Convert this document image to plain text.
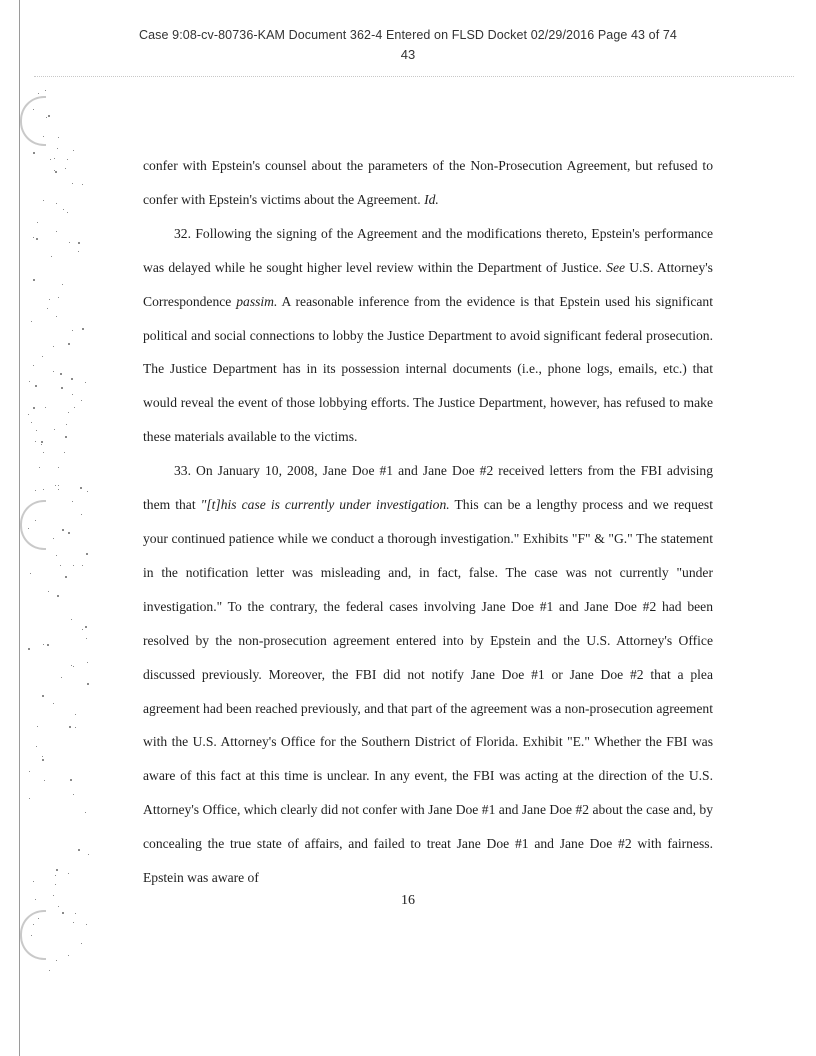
Case 9:08-cv-80736-KAM Document 362-4 Entered on FLSD Docket 02/29/2016 Page 43 of 74
43

confer with Epstein's counsel about the parameters of the Non-Prosecution Agreement, but refused to confer with Epstein's victims about the Agreement. Id.

32. Following the signing of the Agreement and the modifications thereto, Epstein's performance was delayed while he sought higher level review within the Department of Justice. See U.S. Attorney's Correspondence passim. A reasonable inference from the evidence is that Epstein used his significant political and social connections to lobby the Justice Department to avoid significant federal prosecution. The Justice Department has in its possession internal documents (i.e., phone logs, emails, etc.) that would reveal the event of those lobbying efforts. The Justice Department, however, has refused to make these materials available to the victims.

33. On January 10, 2008, Jane Doe #1 and Jane Doe #2 received letters from the FBI advising them that "[t]his case is currently under investigation. This can be a lengthy process and we request your continued patience while we conduct a thorough investigation." Exhibits "F" & "G." The statement in the notification letter was misleading and, in fact, false. The case was not currently "under investigation." To the contrary, the federal cases involving Jane Doe #1 and Jane Doe #2 had been resolved by the non-prosecution agreement entered into by Epstein and the U.S. Attorney's Office discussed previously. Moreover, the FBI did not notify Jane Doe #1 or Jane Doe #2 that a plea agreement had been reached previously, and that part of the agreement was a non-prosecution agreement with the U.S. Attorney's Office for the Southern District of Florida. Exhibit "E." Whether the FBI was aware of this fact at this time is unclear. In any event, the FBI was acting at the direction of the U.S. Attorney's Office, which clearly did not confer with Jane Doe #1 and Jane Doe #2 about the case and, by concealing the true state of affairs, and failed to treat Jane Doe #1 and Jane Doe #2 with fairness. Epstein was aware of

16
